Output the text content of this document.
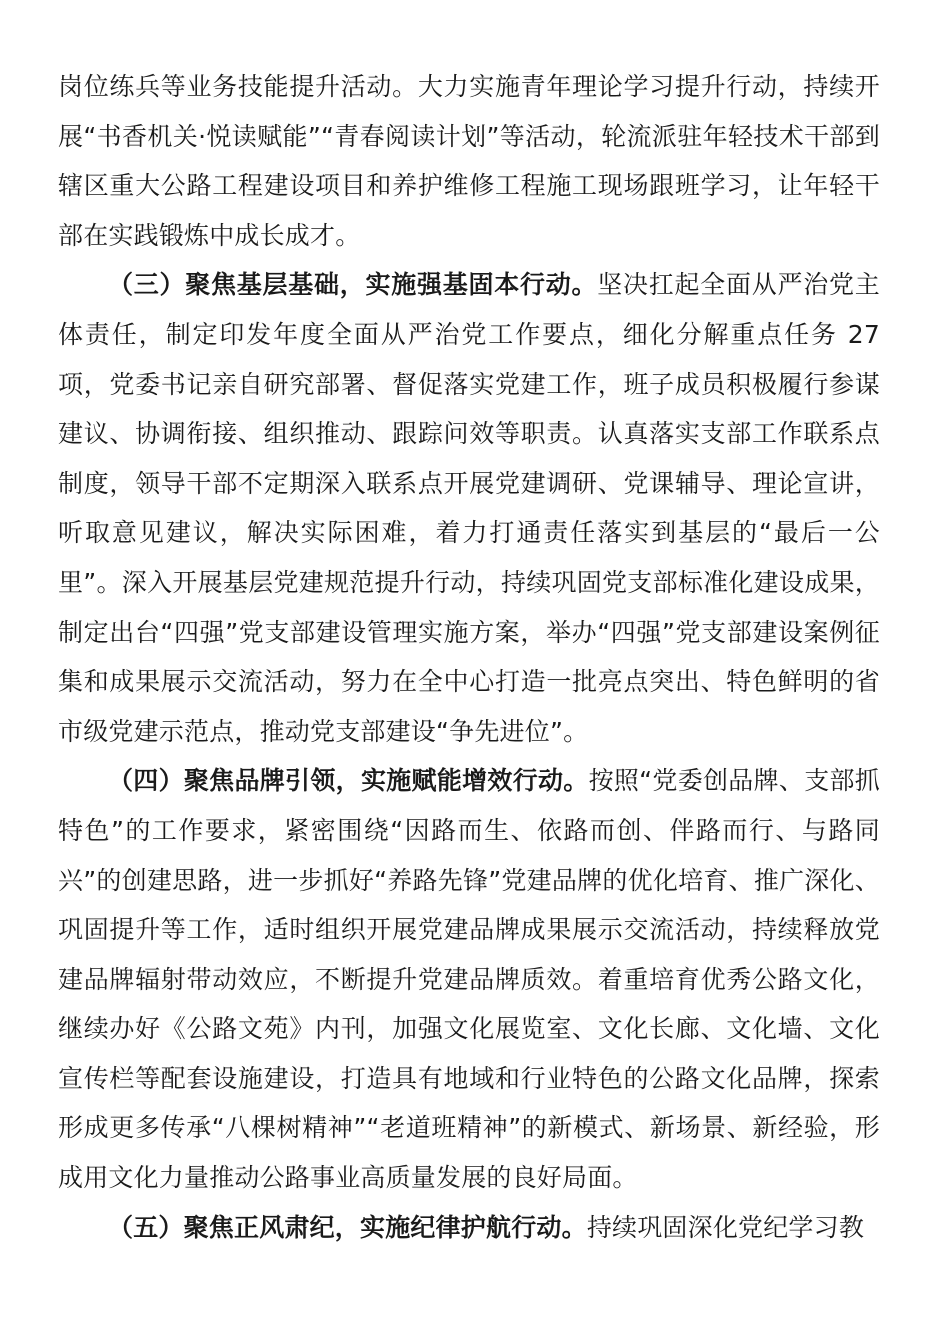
岗位练兵等业务技能提升活动。大力实施青年理论学习提升行动，持续开展“书香机关·悦读赋能”“青春阅读计划”等活动，轮流派驻年轻技术干部到辖区重大公路工程建设项目和养护维修工程施工现场跟班学习，让年轻干部在实践锻炼中成长成才。

（三）聚焦基层基础，实施强基固本行动。坚决扛起全面从严治党主体责任，制定印发年度全面从严治党工作要点，细化分解重点任务 27 项，党委书记亲自研究部署、督促落实党建工作，班子成员积极履行参谋建议、协调衔接、组织推动、跟踪问效等职责。认真落实支部工作联系点制度，领导干部不定期深入联系点开展党建调研、党课辅导、理论宣讲，听取意见建议，解决实际困难，着力打通责任落实到基层的“最后一公里”。深入开展基层党建规范提升行动，持续巩固党支部标准化建设成果，制定出台“四强”党支部建设管理实施方案，举办“四强”党支部建设案例征集和成果展示交流活动，努力在全中心打造一批亮点突出、特色鲜明的省市级党建示范点，推动党支部建设“争先进位”。

（四）聚焦品牌引领，实施赋能增效行动。按照“党委创品牌、支部抓特色”的工作要求，紧密围绕“因路而生、依路而创、伴路而行、与路同兴”的创建思路，进一步抓好“养路先锋”党建品牌的优化培育、推广深化、巩固提升等工作，适时组织开展党建品牌成果展示交流活动，持续释放党建品牌辐射带动效应，不断提升党建品牌质效。着重培育优秀公路文化，继续办好《公路文苑》内刊，加强文化展览室、文化长廊、文化墙、文化宣传栏等配套设施建设，打造具有地域和行业特色的公路文化品牌，探索形成更多传承“八棵树精神”“老道班精神”的新模式、新场景、新经验，形成用文化力量推动公路事业高质量发展的良好局面。

（五）聚焦正风肃纪，实施纪律护航行动。持续巩固深化党纪学习教
